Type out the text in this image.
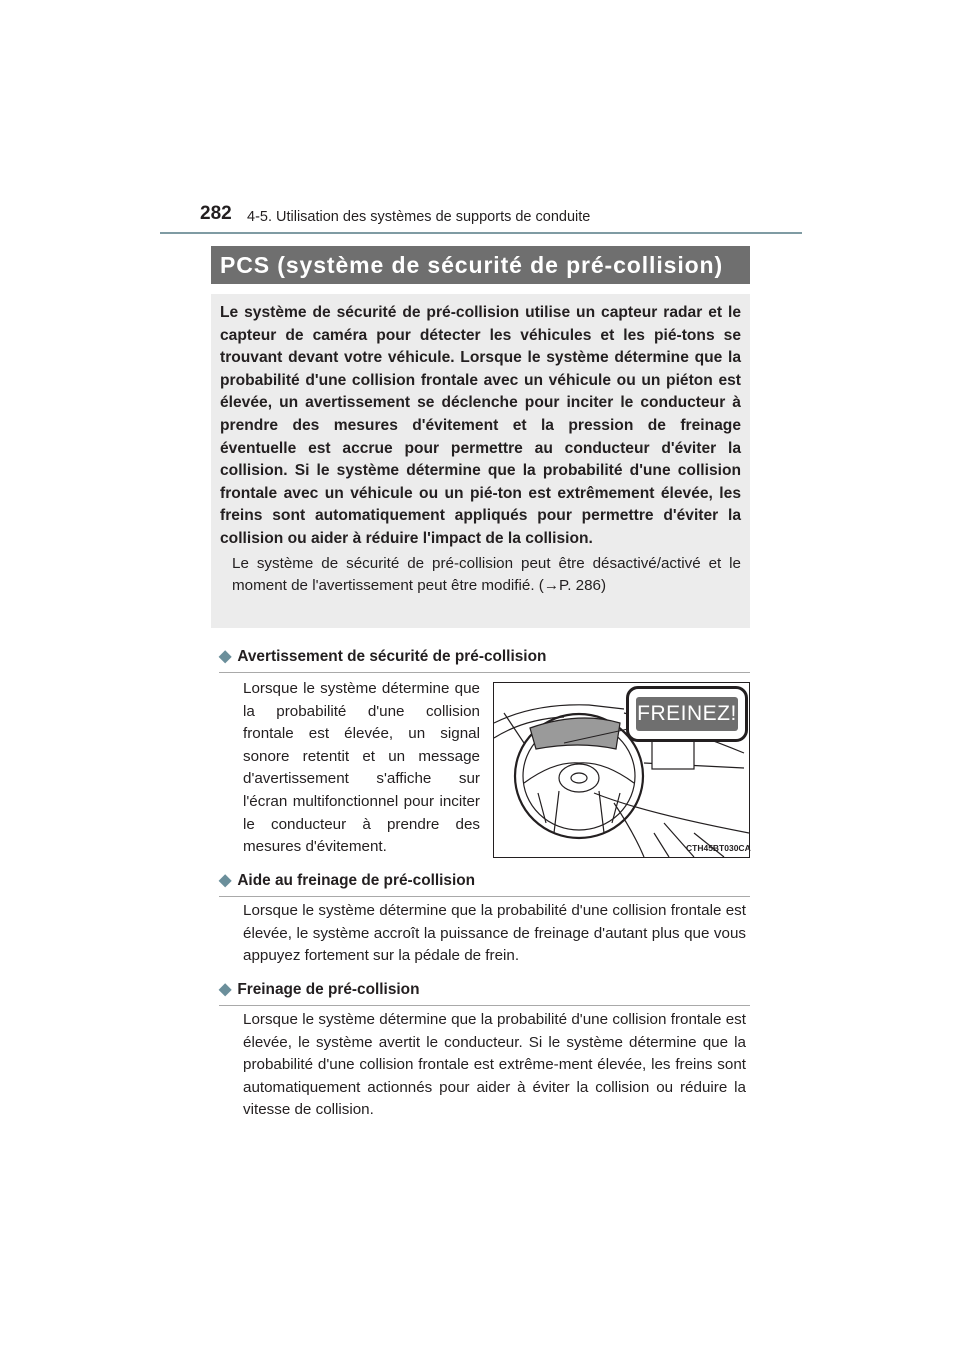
282 4-5. Utilisation des systèmes de supports de conduite
PCS (système de sécurité de pré-collision)
Le système de sécurité de pré-collision utilise un capteur radar et le capteur de caméra pour détecter les véhicules et les pié-tons se trouvant devant votre véhicule. Lorsque le système détermine que la probabilité d'une collision frontale avec un véhicule ou un piéton est élevée, un avertissement se déclenche pour inciter le conducteur à prendre des mesures d'évitement et la pression de freinage éventuelle est accrue pour permettre au conducteur d'éviter la collision. Si le système détermine que la probabilité d'une collision frontale avec un véhicule ou un pié-ton est extrêmement élevée, les freins sont automatiquement appliqués pour permettre d'éviter la collision ou aider à réduire l'impact de la collision.
Le système de sécurité de pré-collision peut être désactivé/activé et le moment de l'avertissement peut être modifié. (→P. 286)
◆ Avertissement de sécurité de pré-collision
Lorsque le système détermine que la probabilité d'une collision frontale est élevée, un signal sonore retentit et un message d'avertissement s'affiche sur l'écran multifonctionnel pour inciter le conducteur à prendre des mesures d'évitement.
FREINEZ!
CTH45BT030CA
◆ Aide au freinage de pré-collision
Lorsque le système détermine que la probabilité d'une collision frontale est élevée, le système accroît la puissance de freinage d'autant plus que vous appuyez fortement sur la pédale de frein.
◆ Freinage de pré-collision
Lorsque le système détermine que la probabilité d'une collision frontale est élevée, le système avertit le conducteur. Si le système détermine que la probabilité d'une collision frontale est extrême-ment élevée, les freins sont automatiquement actionnés pour aider à éviter la collision ou réduire la vitesse de collision.
